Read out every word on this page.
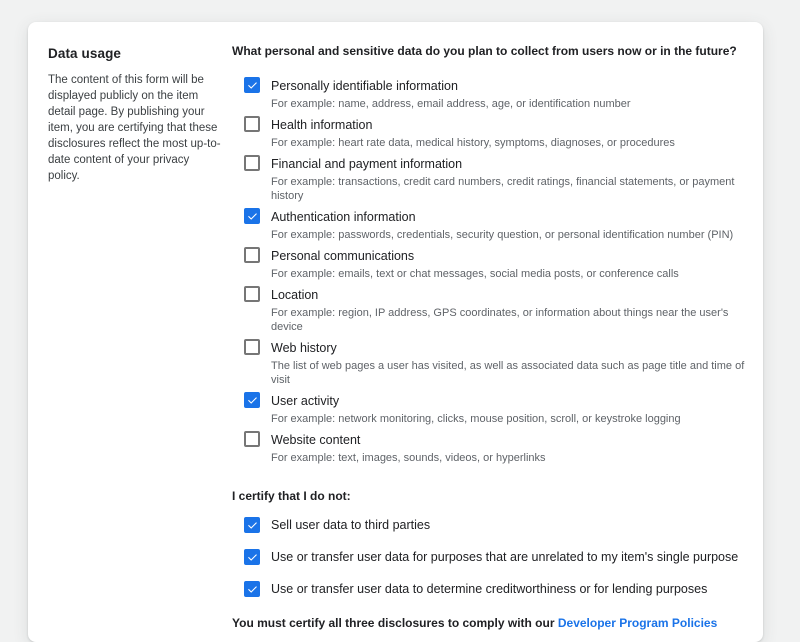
Data usage
The content of this form will be displayed publicly on the item detail page. By publishing your item, you are certifying that these disclosures reflect the most up-to-date content of your privacy policy.
What personal and sensitive data do you plan to collect from users now or in the future?
Personally identifiable information
For example: name, address, email address, age, or identification number
Health information
For example: heart rate data, medical history, symptoms, diagnoses, or procedures
Financial and payment information
For example: transactions, credit card numbers, credit ratings, financial statements, or payment history
Authentication information
For example: passwords, credentials, security question, or personal identification number (PIN)
Personal communications
For example: emails, text or chat messages, social media posts, or conference calls
Location
For example: region, IP address, GPS coordinates, or information about things near the user's device
Web history
The list of web pages a user has visited, as well as associated data such as page title and time of visit
User activity
For example: network monitoring, clicks, mouse position, scroll, or keystroke logging
Website content
For example: text, images, sounds, videos, or hyperlinks
I certify that I do not:
Sell user data to third parties
Use or transfer user data for purposes that are unrelated to my item's single purpose
Use or transfer user data to determine creditworthiness or for lending purposes
You must certify all three disclosures to comply with our Developer Program Policies
